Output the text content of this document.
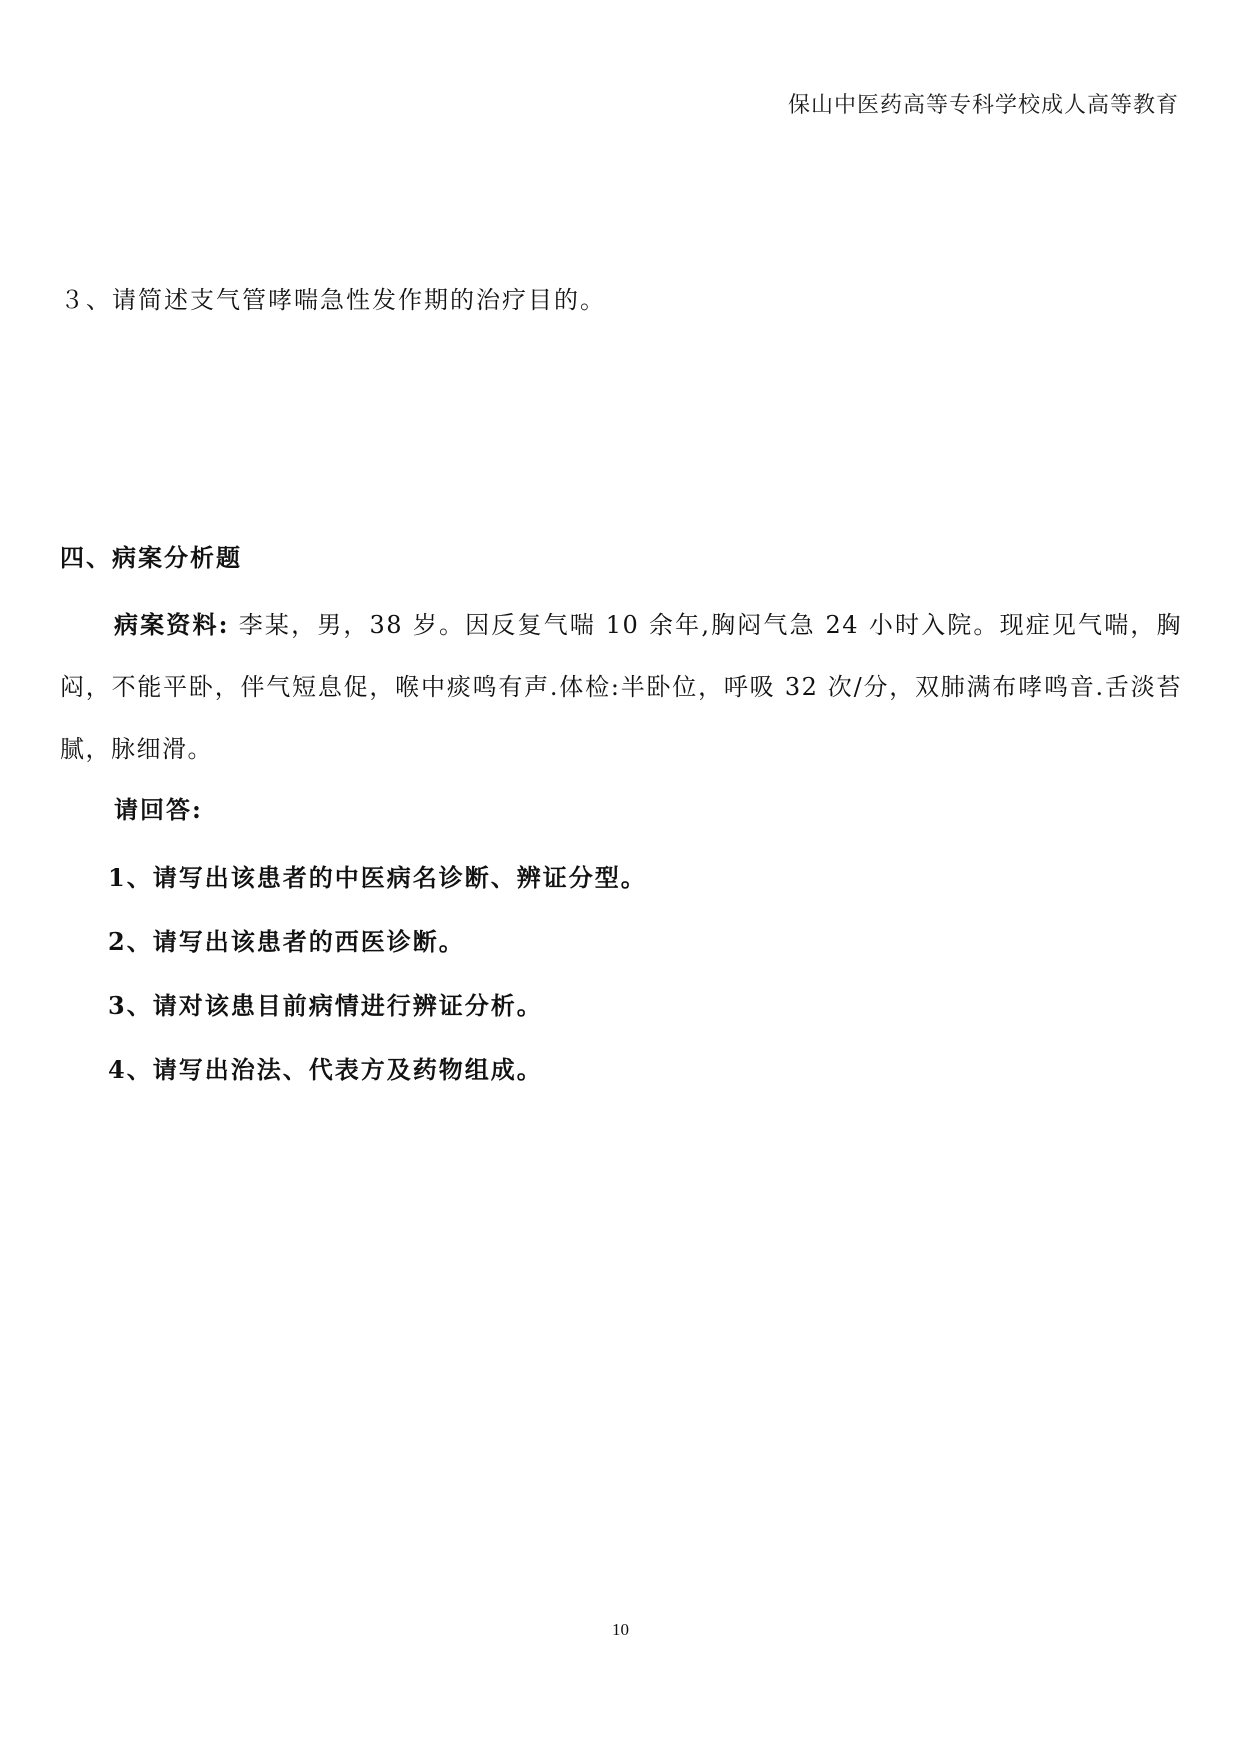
保山中医药高等专科学校成人高等教育
３、请简述支气管哮喘急性发作期的治疗目的。
四、病案分析题
病案资料: 李某，男，38 岁。因反复气喘 10 余年,胸闷气急 24 小时入院。现症见气喘，胸闷，不能平卧，伴气短息促，喉中痰鸣有声.体检:半卧位，呼吸 32 次/分，双肺满布哮鸣音.舌淡苔腻，脉细滑。
请回答:
1、请写出该患者的中医病名诊断、辨证分型。
2、请写出该患者的西医诊断。
3、请对该患目前病情进行辨证分析。
4、请写出治法、代表方及药物组成。
10
